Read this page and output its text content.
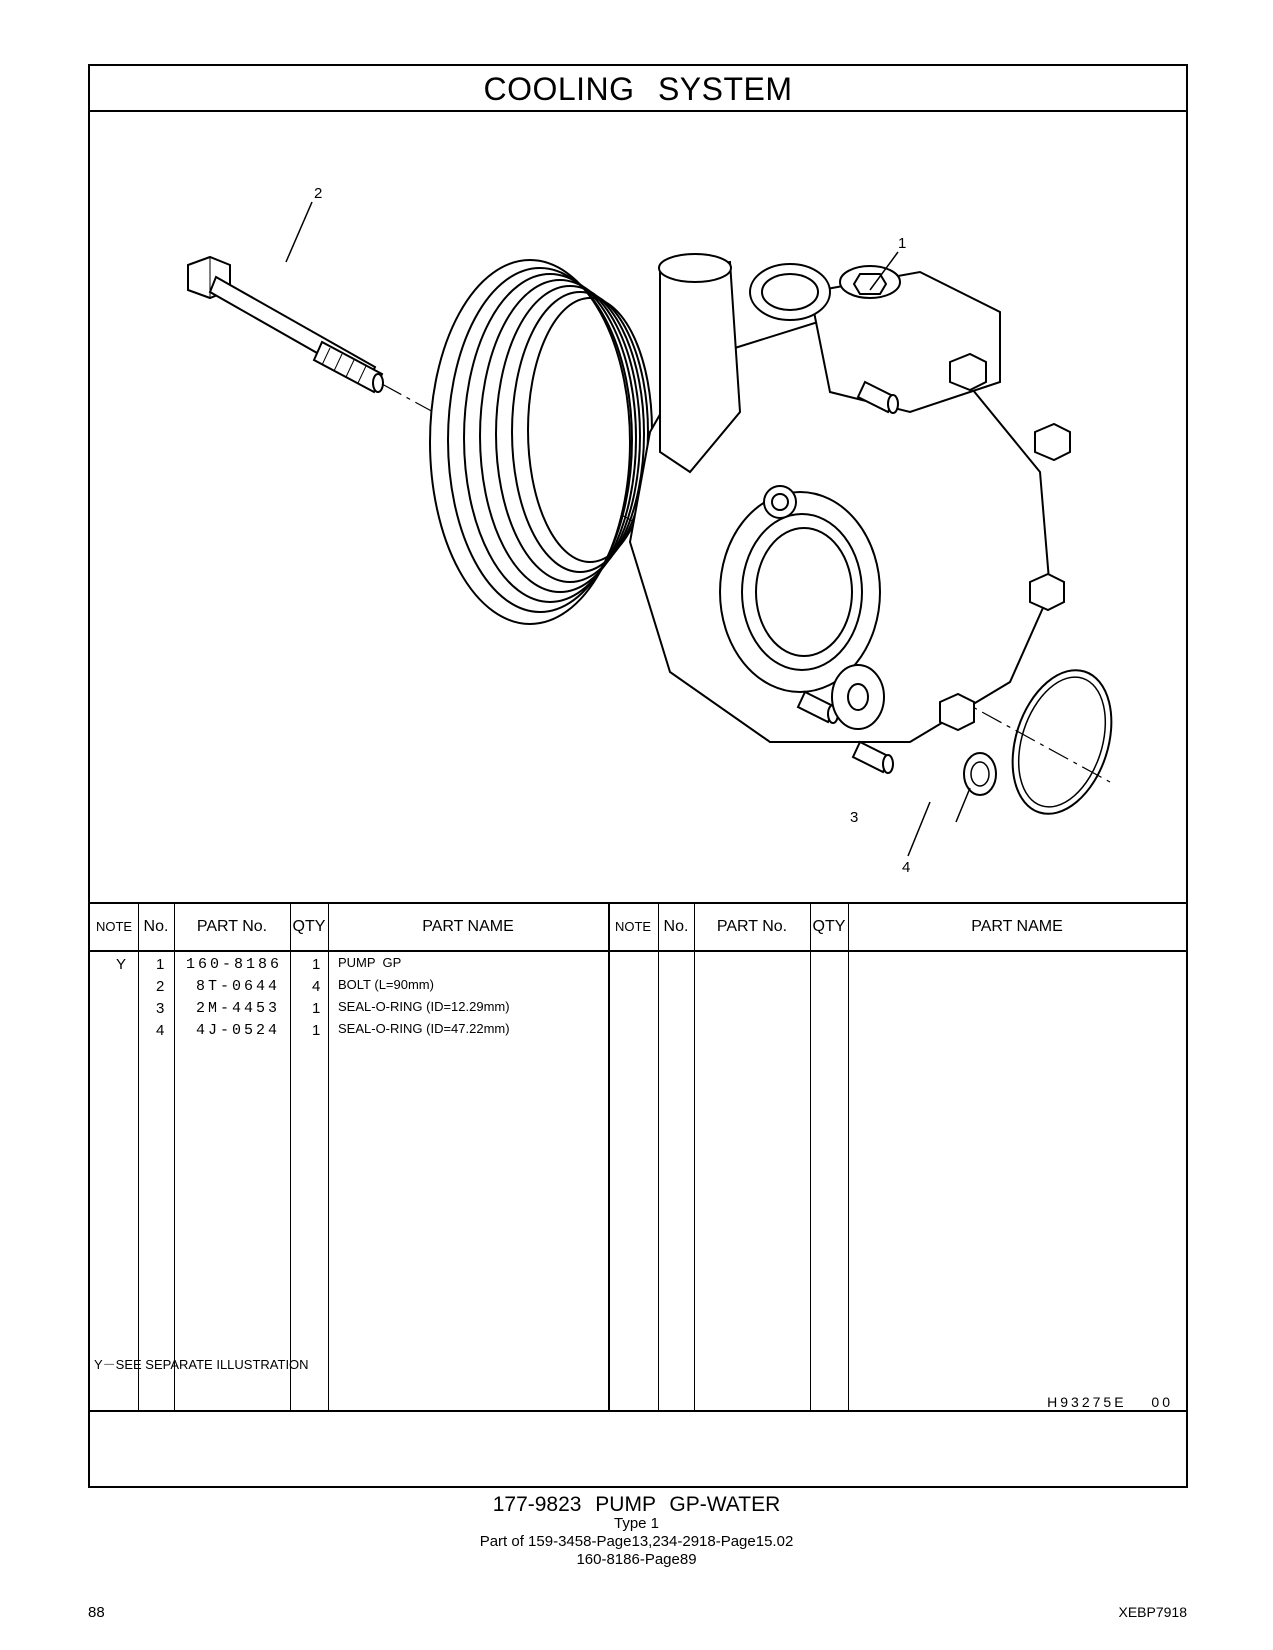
COOLING SYSTEM
2
1
3
4
NOTE No.	PART No.	QTY	PART NAME	NOTE No.	PART No.	QTY	PART NAME
Y 1 160-8186 1 PUMP  GP
2 8T-0644 4 BOLT (L=90mm)
3 2M-4453 1 SEAL-O-RING (ID=12.29mm)
4 4J-0524 1 SEAL-O-RING (ID=47.22mm)
Y－SEE SEPARATE ILLUSTRATION
H93275E 00
177-9823 PUMP GP-WATER
Type 1
Part of 159-3458-Page13,234-2918-Page15.02
160-8186-Page89
88	XEBP7918
